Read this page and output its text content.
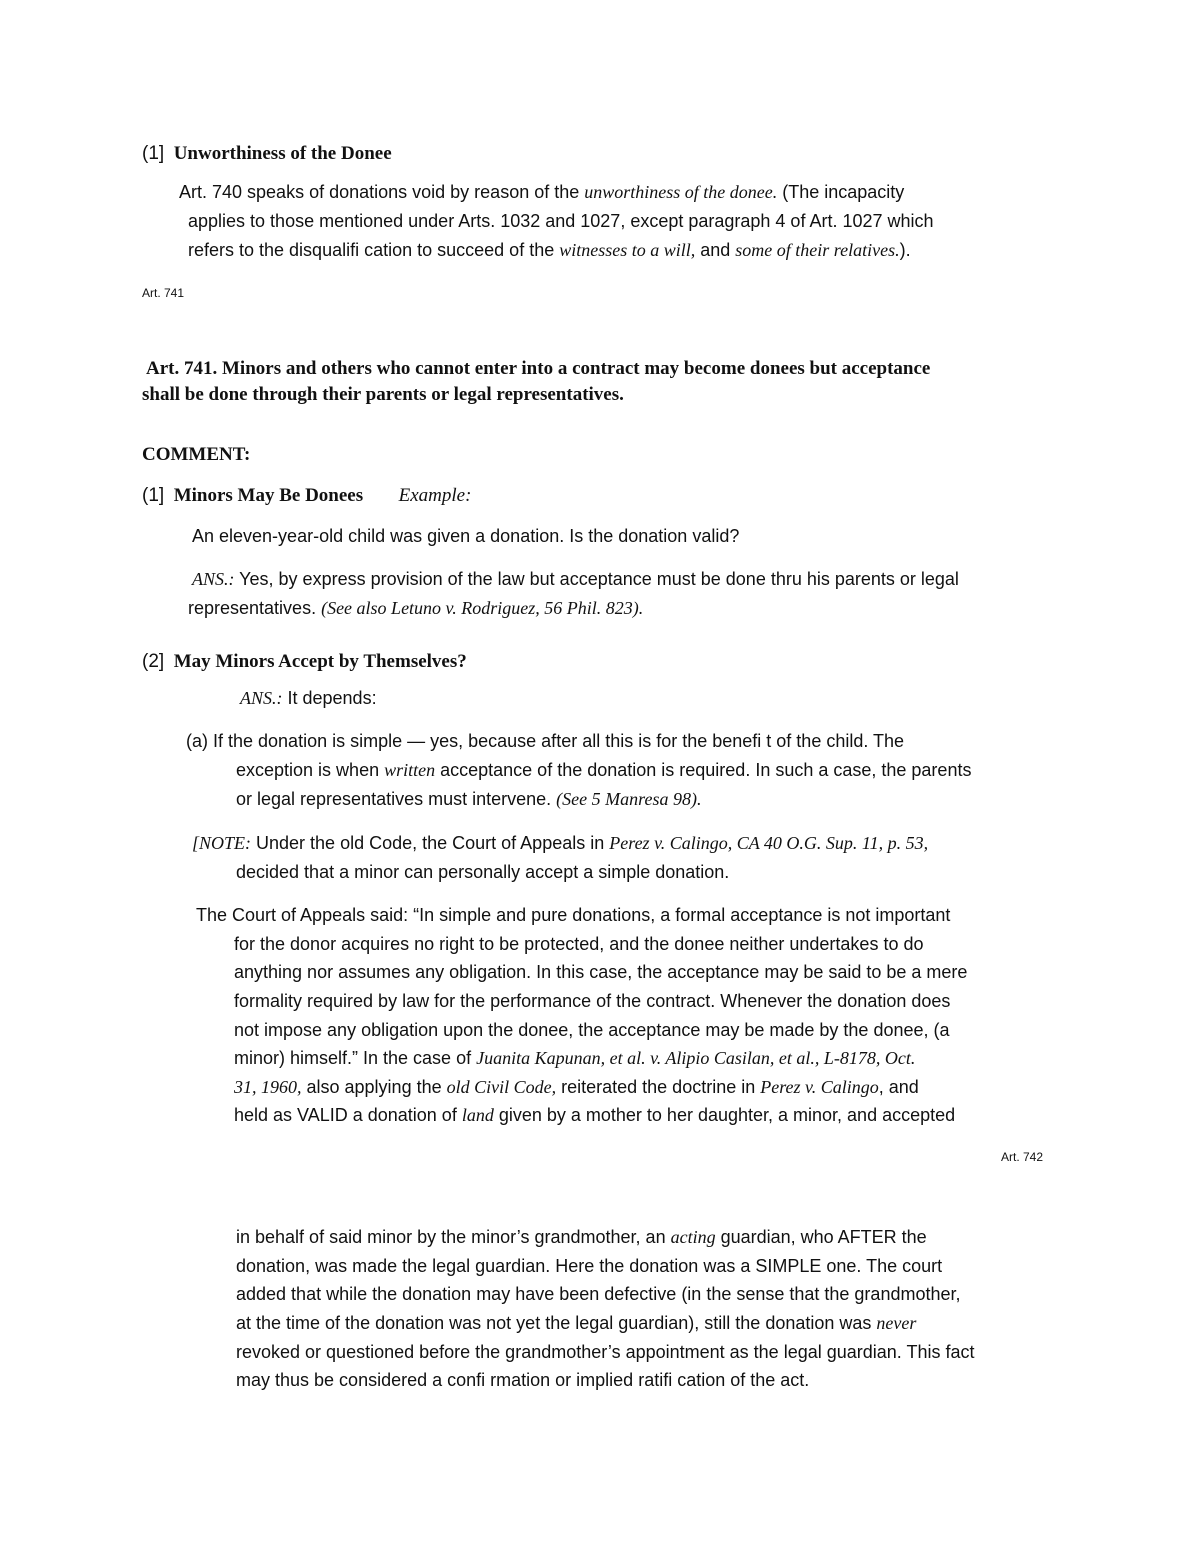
(1] Unworthiness of the Donee
Art. 740 speaks of donations void by reason of the unworthiness of the donee. (The incapacity
applies to those mentioned under Arts. 1032 and 1027, except paragraph 4 of Art. 1027 which
refers to the disqualifi cation to succeed of the witnesses to a will, and some of their relatives.).
Art. 741
Art. 741. Minors and others who cannot enter into a contract may become donees but acceptance
shall be done through their parents or legal representatives.
COMMENT:
(1] Minors May Be Donees Example:
An eleven-year-old child was given a donation. Is the donation valid?
ANS.: Yes, by express provision of the law but acceptance must be done thru his parents or legal
representatives. (See also Letuno v. Rodriguez, 56 Phil. 823).
(2] May Minors Accept by Themselves?
ANS.: It depends:
(a) If the donation is simple — yes, because after all this is for the benefi t of the child. The
exception is when written acceptance of the donation is required. In such a case, the parents
or legal representatives must intervene. (See 5 Manresa 98).
[NOTE: Under the old Code, the Court of Appeals in Perez v. Calingo, CA 40 O.G. Sup. 11, p. 53,
decided that a minor can personally accept a simple donation.
The Court of Appeals said: “In simple and pure donations, a formal acceptance is not important
for the donor acquires no right to be protected, and the donee neither undertakes to do
anything nor assumes any obligation. In this case, the acceptance may be said to be a mere
formality required by law for the performance of the contract. Whenever the donation does
not impose any obligation upon the donee, the acceptance may be made by the donee, (a
minor) himself.” In the case of Juanita Kapunan, et al. v. Alipio Casilan, et al., L-8178, Oct.
31, 1960, also applying the old Civil Code, reiterated the doctrine in Perez v. Calingo, and
held as VALID a donation of land given by a mother to her daughter, a minor, and accepted
Art. 742
in behalf of said minor by the minor’s grandmother, an acting guardian, who AFTER the
donation, was made the legal guardian. Here the donation was a SIMPLE one. The court
added that while the donation may have been defective (in the sense that the grandmother,
at the time of the donation was not yet the legal guardian), still the donation was never
revoked or questioned before the grandmother’s appointment as the legal guardian. This fact
may thus be considered a confi rmation or implied ratifi cation of the act.
